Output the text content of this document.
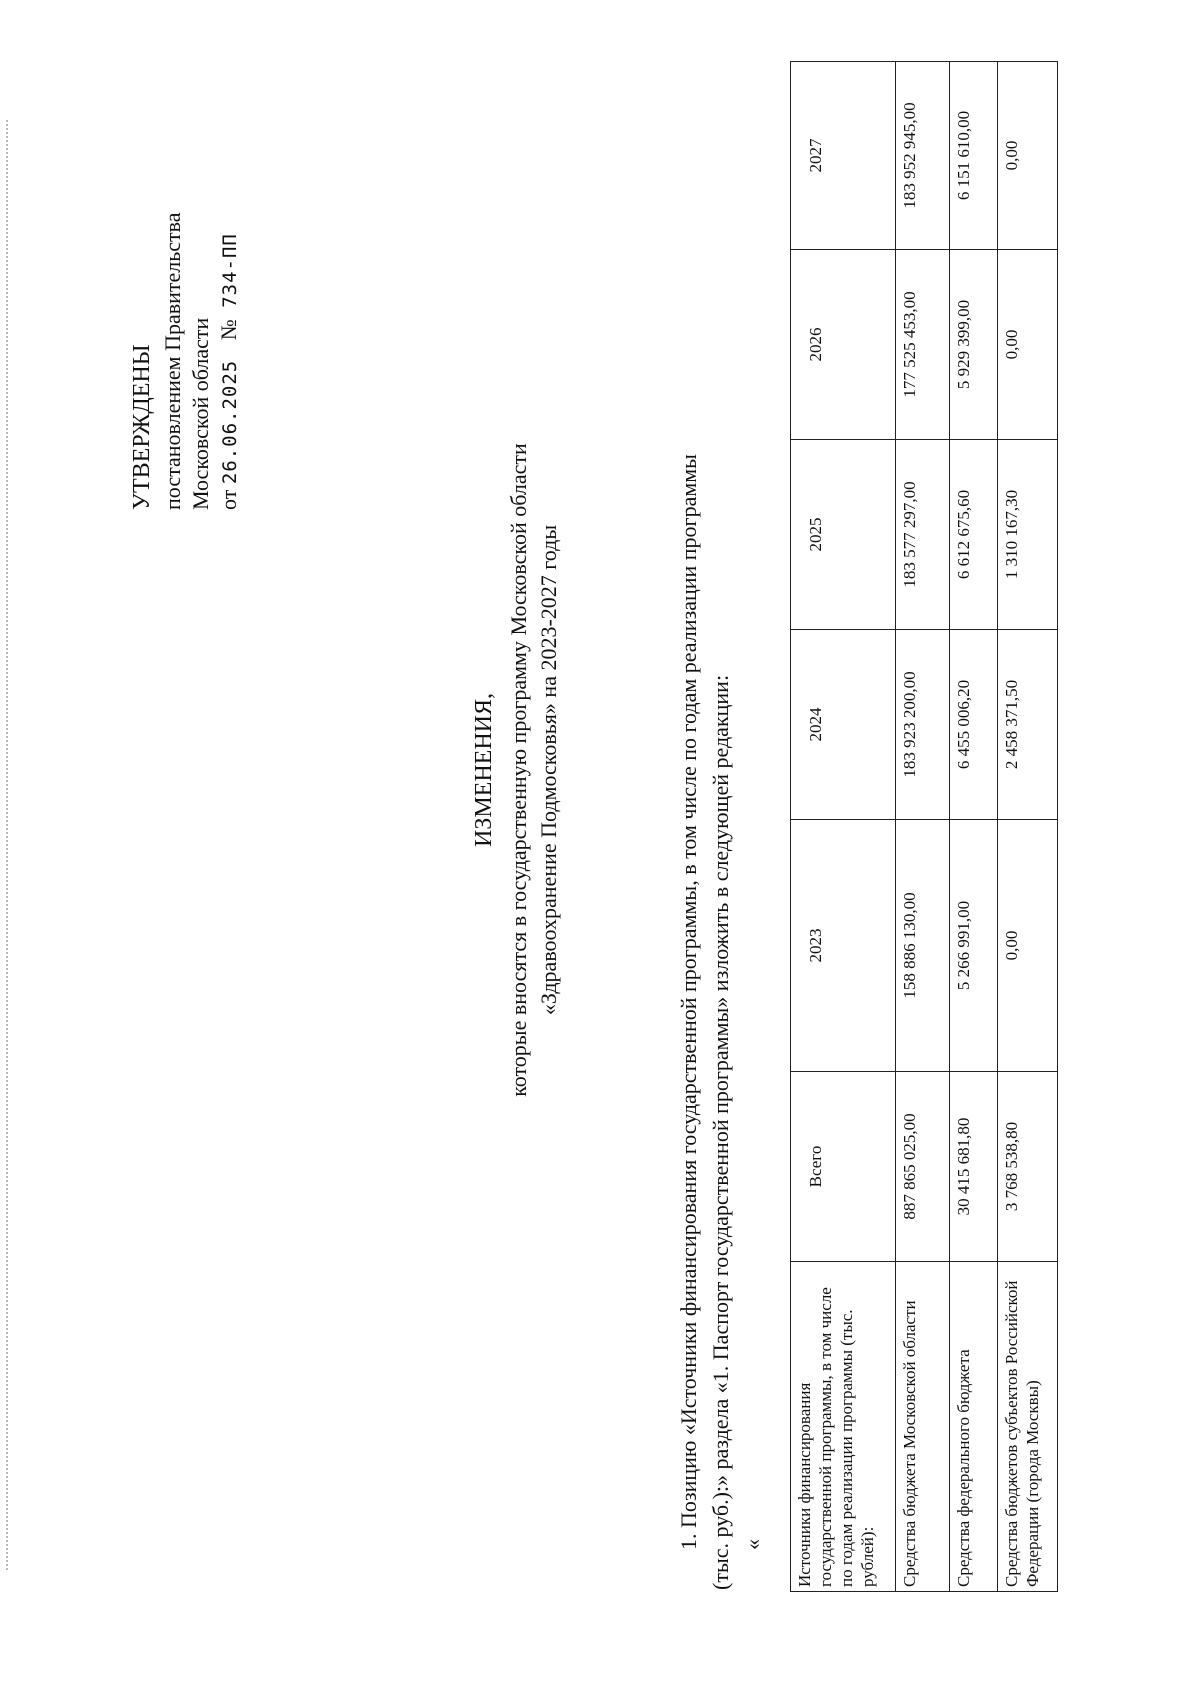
УТВЕРЖДЕНЫ постановлением Правительства Московской области от 26.06.2025 № 734-ПП
ИЗМЕНЕНИЯ, которые вносятся в государственную программу Московской области «Здравоохранение Подмосковья» на 2023-2027 годы	1. Позицию «Источники финансирования государственной программы, в том числе по годам реализации программы (тыс. руб.):» раздела «1. Паспорт государственной программы» изложить в следующей редакции: « Источники финансирования государственной программы, в том числе по годам реализации программы (тыс. рублей):	Всего	2023	2024	2025	2026	2027
Средства бюджета Московской области	887 865 025,00	158 886 130,00	183 923 200,00	183 577 297,00	177 525 453,00	183 952 945,00
Средства федерального бюджета	30 415 681,80	5 266 991,00	6 455 006,20	6 612 675,60	5 929 399,00	6 151 610,00
Средства бюджетов субъектов Российской Федерации (города Москвы)	3 768 538,80	0,00	2 458 371,50	1 310 167,30	0,00	0,00
